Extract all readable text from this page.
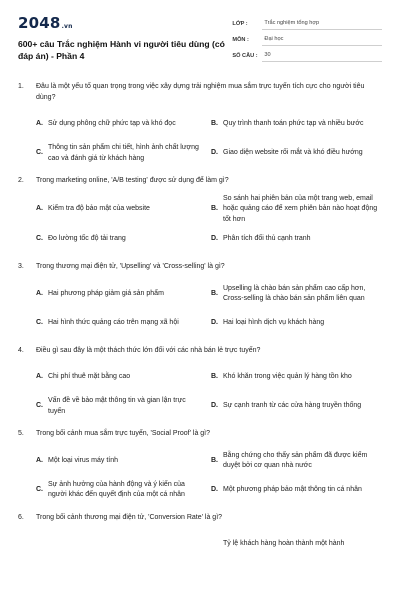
2048.vn
600+ câu Trắc nghiệm Hành vi người tiêu dùng (có đáp án) - Phần 4
LỚP :	Trắc nghiệm tổng hợp
MÔN :	Đại học
SỐ CÂU :	30
1.	Đâu là một yếu tố quan trọng trong việc xây dựng trải nghiệm mua sắm trực tuyến tích cực cho người tiêu dùng?
A. Sử dụng phông chữ phức tạp và khó đọc	B. Quy trình thanh toán phức tạp và nhiều bước
C.
Thông tin sản phẩm chi tiết, hình ảnh chất lượng cao và đánh giá từ khách hàng
D. Giao diện website rối mắt và khó điều hướng
2.	Trong marketing online, 'A/B testing' được sử dụng để làm gì?
A. Kiểm tra độ bảo mật của website	B.
So sánh hai phiên bản của một trang web, email hoặc quảng cáo để xem phiên bản nào hoạt động tốt hơn
C. Đo lường tốc độ tải trang	D. Phân tích đối thủ cạnh tranh
3.	Trong thương mại điện tử, 'Upselling' và 'Cross-selling' là gì?
A. Hai phương pháp giảm giá sản phẩm	B.
Upselling là chào bán sản phẩm cao cấp hơn, Cross-selling là chào bán sản phẩm liên quan
C. Hai hình thức quảng cáo trên mạng xã hội	D. Hai loại hình dịch vụ khách hàng
4.	Điều gì sau đây là một thách thức lớn đối với các nhà bán lẻ trực tuyến?
A. Chi phí thuê mặt bằng cao	B. Khó khăn trong việc quản lý hàng tồn kho
C.
Vấn đề về bảo mật thông tin và gian lận trực tuyến
D. Sự cạnh tranh từ các cửa hàng truyền thống
5.	Trong bối cảnh mua sắm trực tuyến, 'Social Proof' là gì?
A. Một loại virus máy tính	B.
Bằng chứng cho thấy sản phẩm đã được kiểm duyệt bởi cơ quan nhà nước
C.
Sự ảnh hưởng của hành động và ý kiến của người khác đến quyết định của một cá nhân
D. Một phương pháp bảo mật thông tin cá nhân
6.	Trong bối cảnh thương mại điện tử, 'Conversion Rate' là gì?
Tỷ lệ khách hàng hoàn thành một hành
